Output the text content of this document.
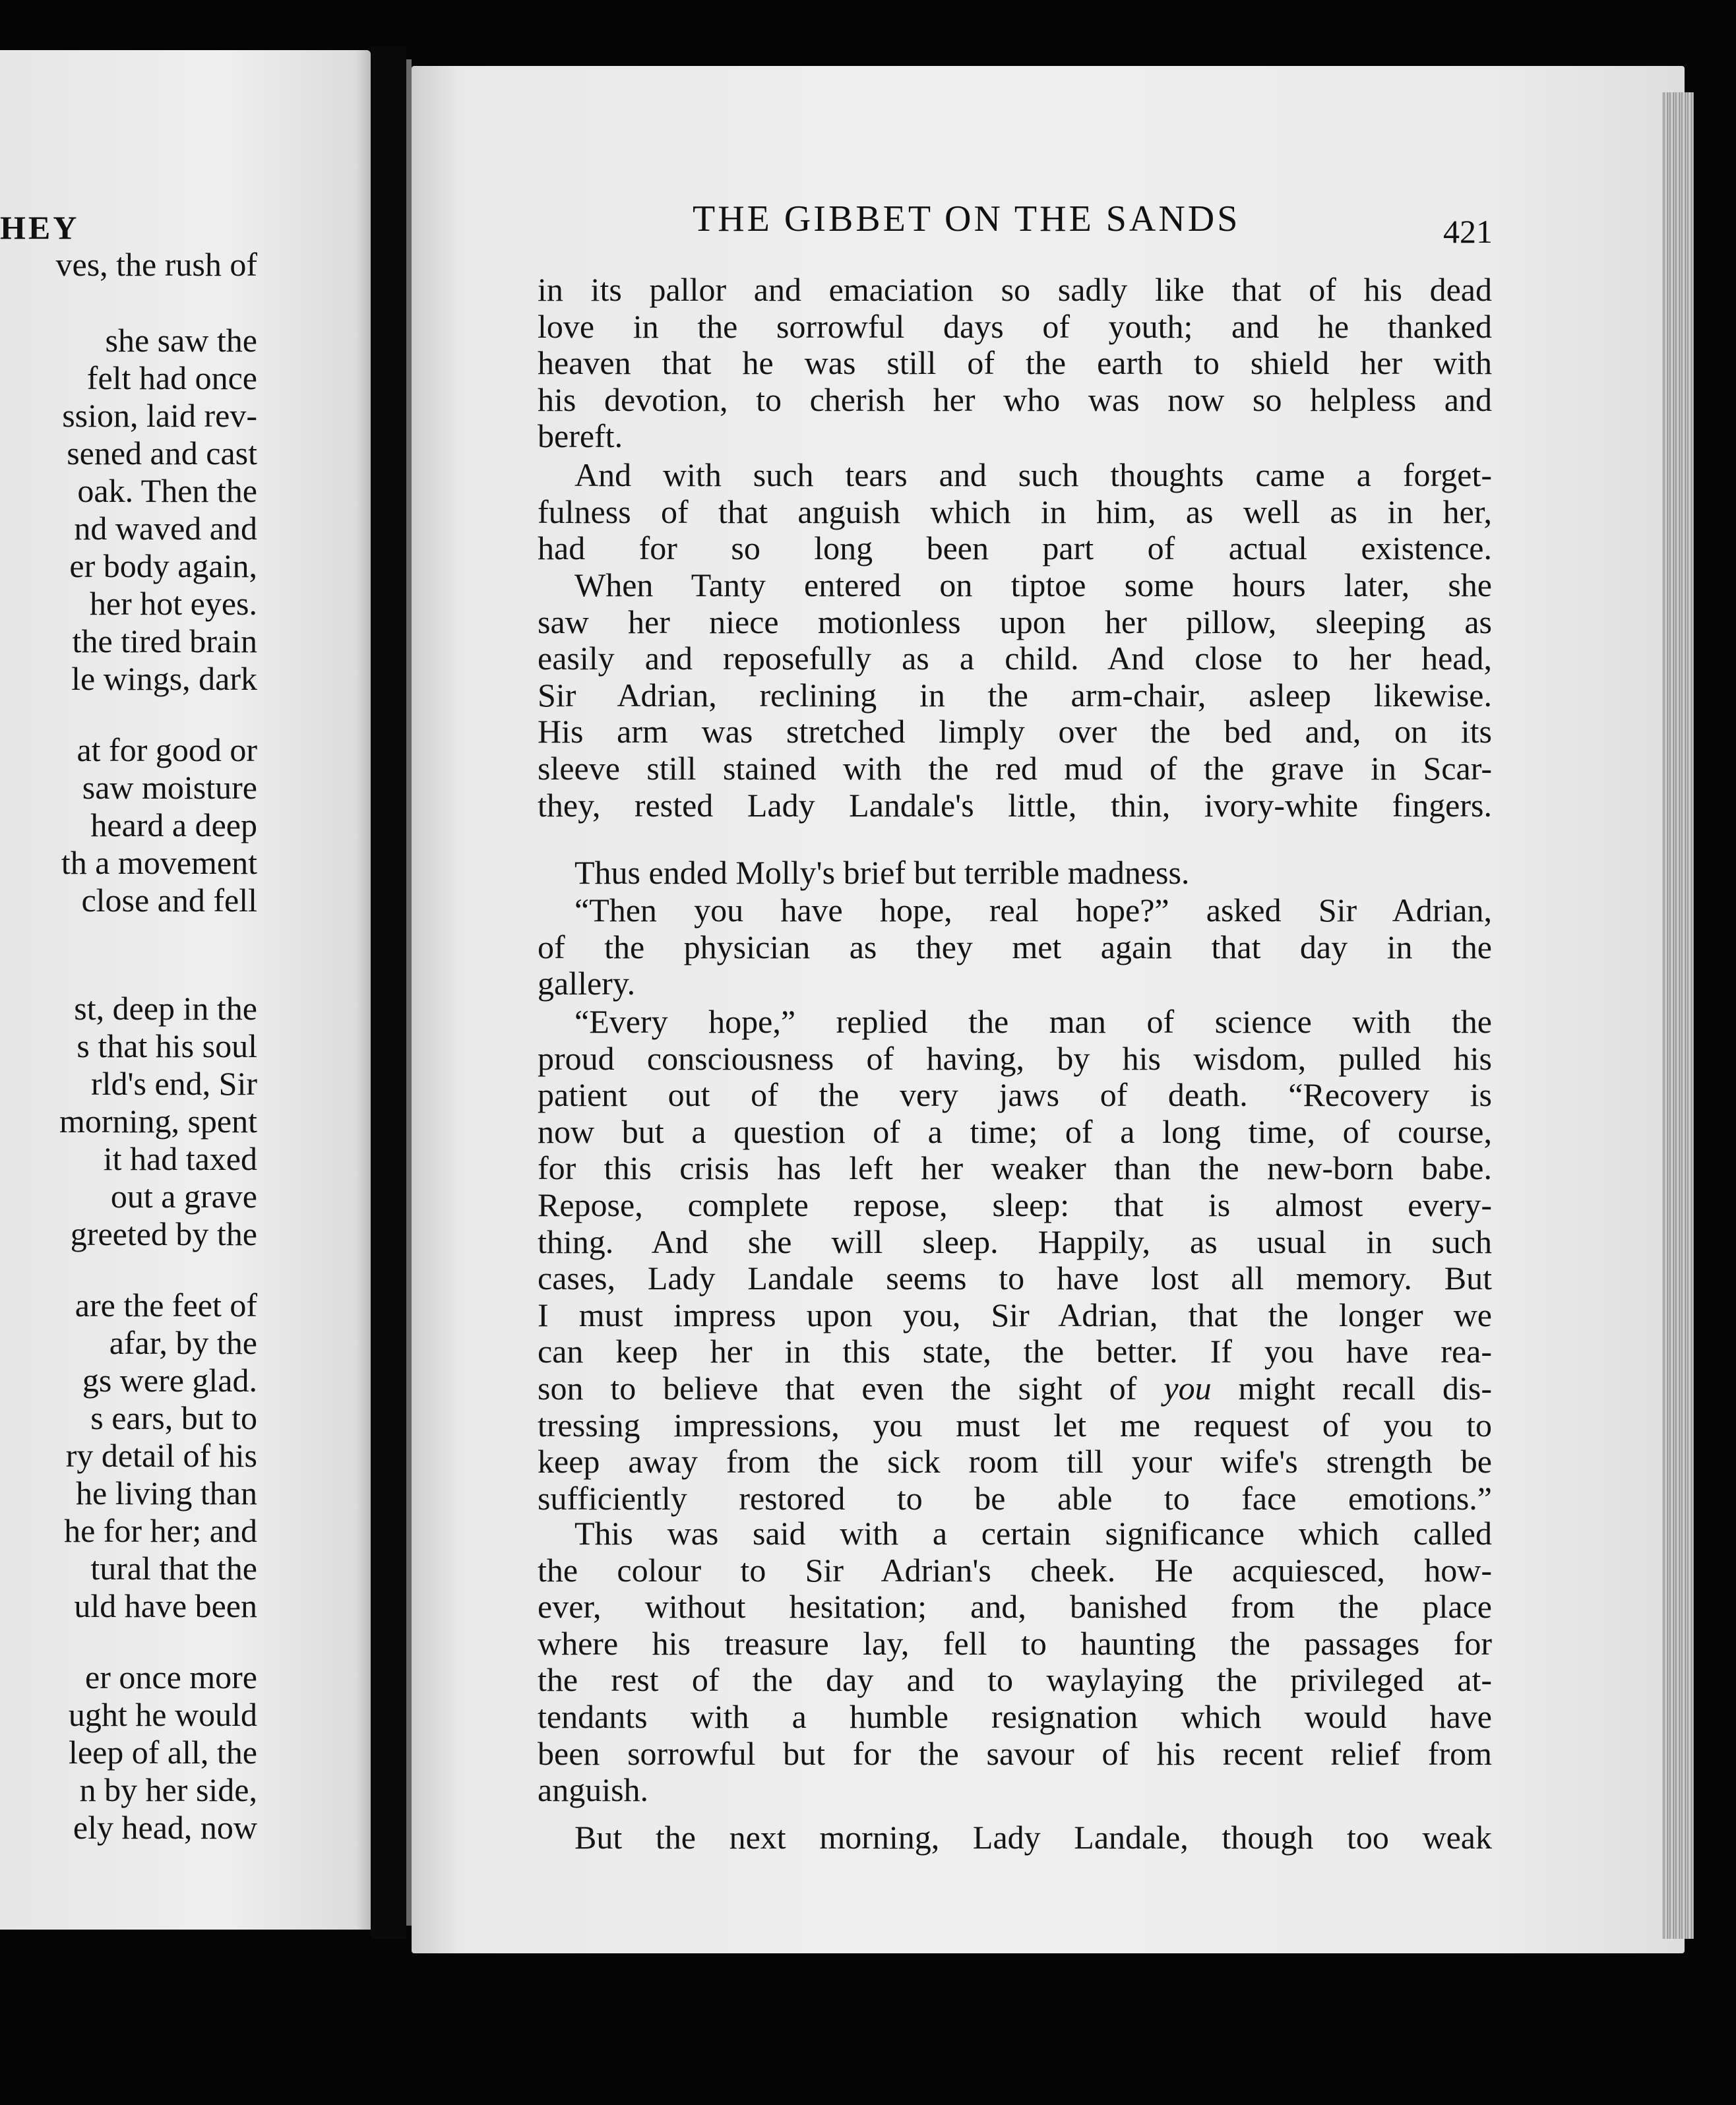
HEY
ves, the rush of
she saw the
felt had once
ssion, laid rev-
sened and cast
oak. Then the
nd waved and
er body again,
her hot eyes.
the tired brain
le wings, dark
at for good or
saw moisture
heard a deep
th a movement
close and fell
st, deep in the
s that his soul
rld's end, Sir
morning, spent
it had taxed
out a grave
greeted by the
are the feet of
afar, by the
gs were glad.
s ears, but to
ry detail of his
he living than
he for her; and
tural that the
uld have been
er once more
ught he would
leep of all, the
n by her side,
ely head, now
THE GIBBET ON THE SANDS	421
in its pallor and emaciation so sadly like that of his dead
love in the sorrowful days of youth; and he thanked
heaven that he was still of the earth to shield her with
his devotion, to cherish her who was now so helpless and
bereft.
And with such tears and such thoughts came a forget-
fulness of that anguish which in him, as well as in her,
had for so long been part of actual existence.
When Tanty entered on tiptoe some hours later, she
saw her niece motionless upon her pillow, sleeping as
easily and reposefully as a child. And close to her head,
Sir Adrian, reclining in the arm-chair, asleep likewise.
His arm was stretched limply over the bed and, on its
sleeve still stained with the red mud of the grave in Scar-
they, rested Lady Landale's little, thin, ivory-white fingers.
Thus ended Molly's brief but terrible madness.
“Then you have hope, real hope?” asked Sir Adrian,
of the physician as they met again that day in the
gallery.
“Every hope,” replied the man of science with the
proud consciousness of having, by his wisdom, pulled his
patient out of the very jaws of death. “Recovery is
now but a question of a time; of a long time, of course,
for this crisis has left her weaker than the new-born babe.
Repose, complete repose, sleep: that is almost every-
thing. And she will sleep. Happily, as usual in such
cases, Lady Landale seems to have lost all memory. But
I must impress upon you, Sir Adrian, that the longer we
can keep her in this state, the better. If you have rea-
son to believe that even the sight of you might recall dis-
tressing impressions, you must let me request of you to
keep away from the sick room till your wife's strength be
sufficiently restored to be able to face emotions.”
This was said with a certain significance which called
the colour to Sir Adrian's cheek. He acquiesced, how-
ever, without hesitation; and, banished from the place
where his treasure lay, fell to haunting the passages for
the rest of the day and to waylaying the privileged at-
tendants with a humble resignation which would have
been sorrowful but for the savour of his recent relief from
anguish.
But the next morning, Lady Landale, though too weak
